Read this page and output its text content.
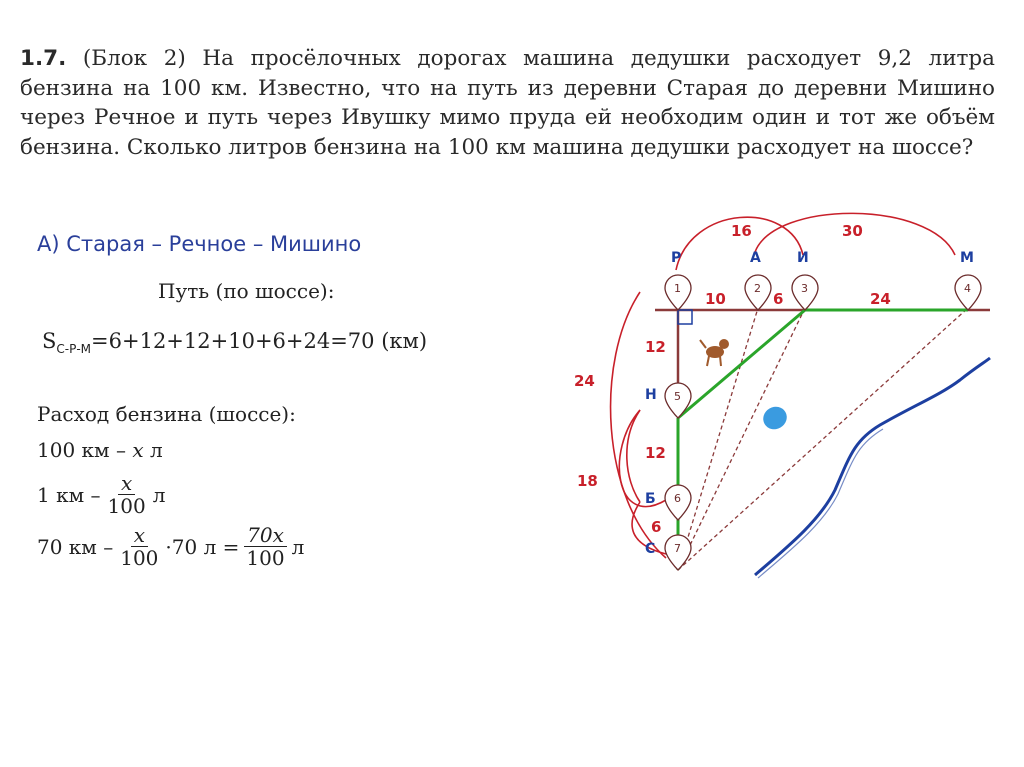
1.7. (Блок 2) На просёлочных дорогах машина дедушки расходует 9,2 литра бензина на 100 км. Известно, что на путь из деревни Старая до деревни Мишино через Речное и путь через Ивушку мимо пруда ей необходим один и тот же объём бензина. Сколько литров бензина на 100 км машина дедушки расходует на шоссе?
А) Старая – Речное – Мишино
Путь (по шоссе):
$S_{С-Р-М}=6+12+12+10+6+24=70$ (км)
Расход бензина (шоссе):
100 км – x л
1 км – $\frac{x}{100}$ л
70 км – $\frac{x}{100} \cdot 70$ $л = \frac{70x}{100}$ л
1	2	3	4
5
6
7
Р	А	И	М
Н
Б
С
16	30
10	6	24
12
12
6
24
18
